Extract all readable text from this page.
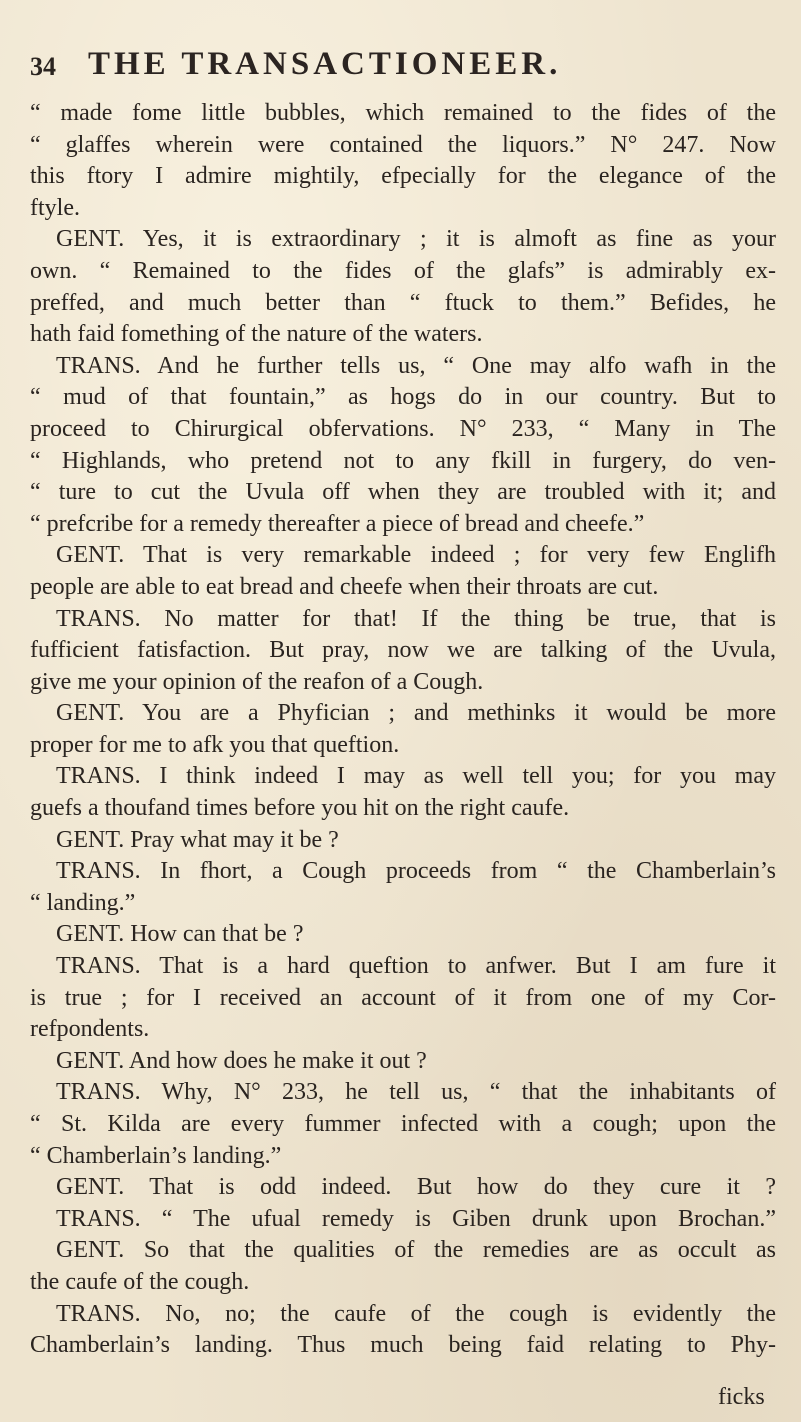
34 THE TRANSACTIONEER.
“ made fome little bubbles, which remained to the fides of the
“ glaffes wherein were contained the liquors.” N° 247. Now
this ftory I admire mightily, efpecially for the elegance of the
ftyle.
GENT. Yes, it is extraordinary ; it is almoft as fine as your
own. “ Remained to the fides of the glafs” is admirably ex-
preffed, and much better than “ ftuck to them.” Befides, he
hath faid fomething of the nature of the waters.
TRANS. And he further tells us, “ One may alfo wafh in the
“ mud of that fountain,” as hogs do in our country. But to
proceed to Chirurgical obfervations. N° 233, “ Many in The
“ Highlands, who pretend not to any fkill in furgery, do ven-
“ ture to cut the Uvula off when they are troubled with it; and
“ prefcribe for a remedy thereafter a piece of bread and cheefe.”
GENT. That is very remarkable indeed ; for very few Englifh
people are able to eat bread and cheefe when their throats are cut.
TRANS. No matter for that! If the thing be true, that is
fufficient fatisfaction. But pray, now we are talking of the Uvula,
give me your opinion of the reafon of a Cough.
GENT. You are a Phyfician ; and methinks it would be more
proper for me to afk you that queftion.
TRANS. I think indeed I may as well tell you; for you may
guefs a thoufand times before you hit on the right caufe.
GENT. Pray what may it be ?
TRANS. In fhort, a Cough proceeds from “ the Chamberlain’s
“ landing.”
GENT. How can that be ?
TRANS. That is a hard queftion to anfwer. But I am fure it
is true ; for I received an account of it from one of my Cor-
refpondents.
GENT. And how does he make it out ?
TRANS. Why, N° 233, he tell us, “ that the inhabitants of
“ St. Kilda are every fummer infected with a cough; upon the
“ Chamberlain’s landing.”
GENT. That is odd indeed. But how do they cure it ?
TRANS. “ The ufual remedy is Giben drunk upon Brochan.”
GENT. So that the qualities of the remedies are as occult as
the caufe of the cough.
TRANS. No, no; the caufe of the cough is evidently the
Chamberlain’s landing. Thus much being faid relating to Phy-
ficks
